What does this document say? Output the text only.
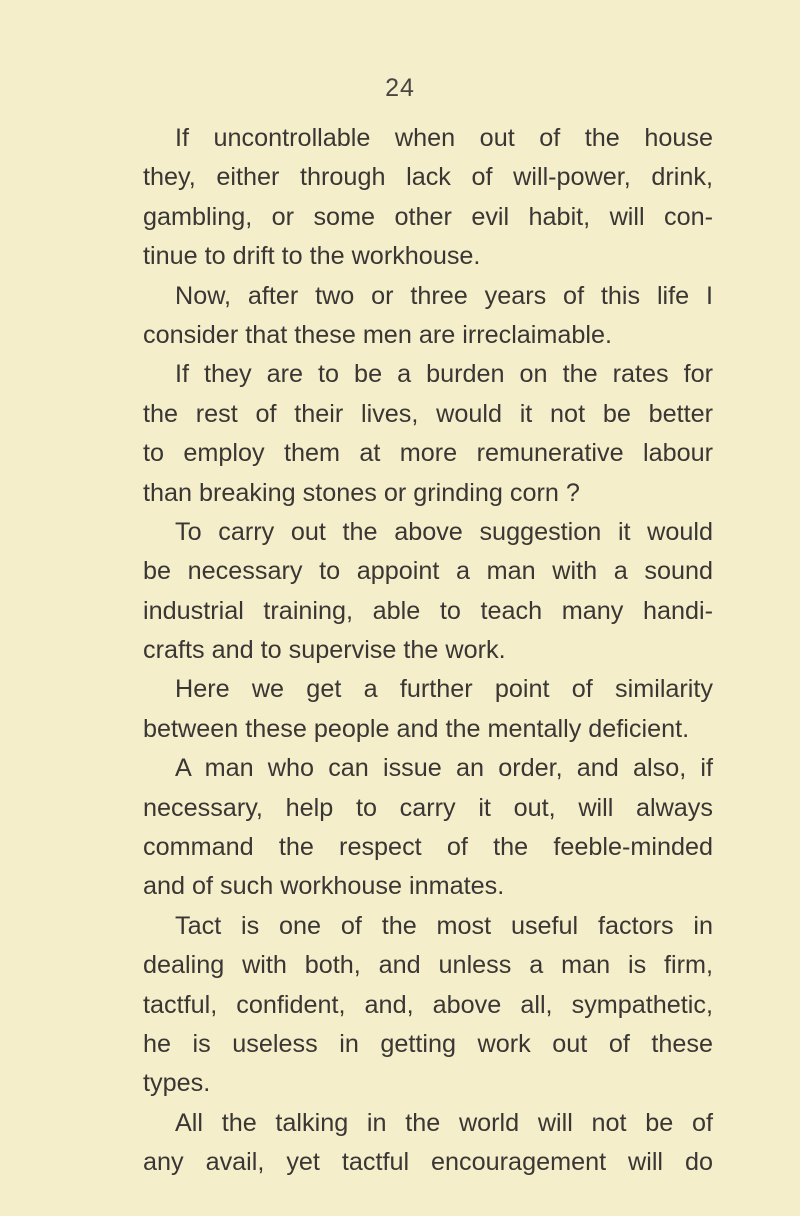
24
If uncontrollable when out of the house
they, either through lack of will-power, drink,
gambling, or some other evil habit, will con-
tinue to drift to the workhouse.
Now, after two or three years of this life I
consider that these men are irreclaimable.
If they are to be a burden on the rates for
the rest of their lives, would it not be better
to employ them at more remunerative labour
than breaking stones or grinding corn ?
To carry out the above suggestion it would
be necessary to appoint a man with a sound
industrial training, able to teach many handi-
crafts and to supervise the work.
Here we get a further point of similarity
between these people and the mentally deficient.
A man who can issue an order, and also, if
necessary, help to carry it out, will always
command the respect of the feeble-minded
and of such workhouse inmates.
Tact is one of the most useful factors in
dealing with both, and unless a man is firm,
tactful, confident, and, above all, sympathetic,
he is useless in getting work out of these
types.
All the talking in the world will not be of
any avail, yet tactful encouragement will do
